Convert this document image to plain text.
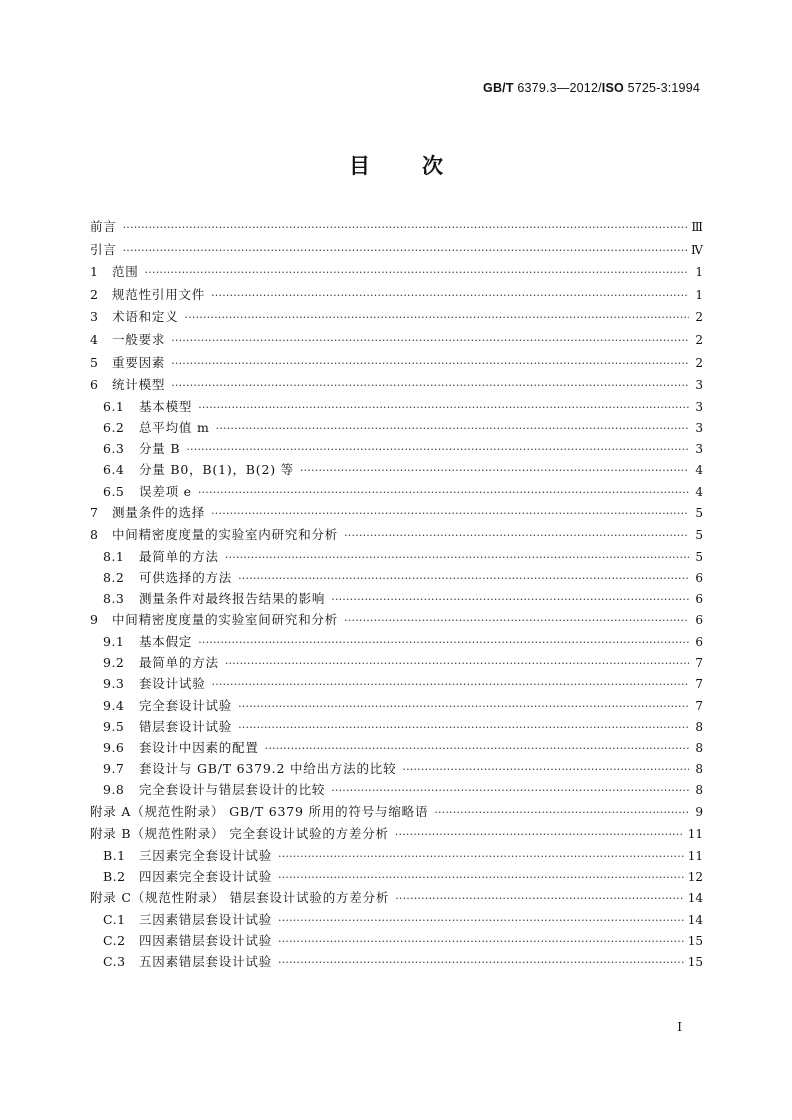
GB/T 6379.3—2012/ISO 5725-3:1994
目 次
前言 ·····	Ⅲ
引言 ·····	Ⅳ
1	范围 ·····	1
2	规范性引用文件 ·····	1
3	术语和定义 ·····	2
4	一般要求 ·····	2
5	重要因素 ·····	2
6	统计模型 ·····	3
6.1	基本模型 ·····	3
6.2	总平均值 m ·····	3
6.3	分量 B ·····	3
6.4	分量 B0，B(1)，B(2) 等 ·····	4
6.5	误差项 e ·····	4
7	测量条件的选择 ·····	5
8	中间精密度度量的实验室内研究和分析 ·····	5
8.1	最简单的方法 ·····	5
8.2	可供选择的方法 ·····	6
8.3	测量条件对最终报告结果的影响 ·····	6
9	中间精密度度量的实验室间研究和分析 ·····	6
9.1	基本假定 ·····	6
9.2	最简单的方法 ·····	7
9.3	套设计试验 ·····	7
9.4	完全套设计试验 ·····	7
9.5	错层套设计试验 ·····	8
9.6	套设计中因素的配置 ·····	8
9.7	套设计与 GB/T 6379.2 中给出方法的比较 ·····	8
9.8	完全套设计与错层套设计的比较 ·····	8
附录 A（规范性附录） GB/T 6379 所用的符号与缩略语 ·····	9
附录 B（规范性附录） 完全套设计试验的方差分析 ·····	11
B.1	三因素完全套设计试验 ·····	11
B.2	四因素完全套设计试验 ·····	12
附录 C（规范性附录） 错层套设计试验的方差分析 ·····	14
C.1	三因素错层套设计试验 ·····	14
C.2	四因素错层套设计试验 ·····	15
C.3	五因素错层套设计试验 ·····	15
I
